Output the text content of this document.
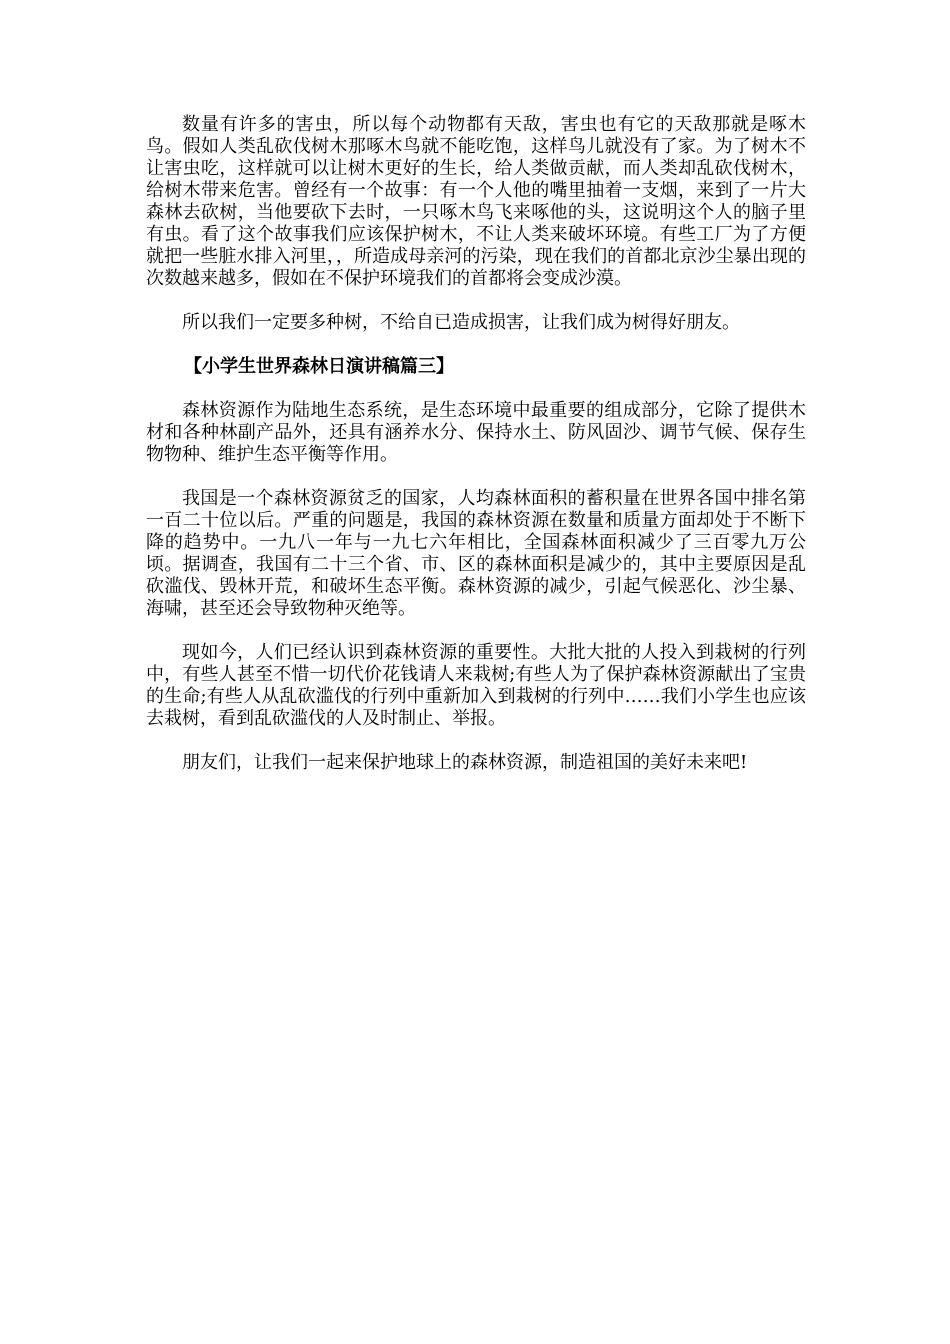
数量有许多的害虫，所以每个动物都有天敌，害虫也有它的天敌那就是啄木鸟。假如人类乱砍伐树木那啄木鸟就不能吃饱，这样鸟儿就没有了家。为了树木不让害虫吃，这样就可以让树木更好的生长，给人类做贡献，而人类却乱砍伐树木，给树木带来危害。曾经有一个故事：有一个人他的嘴里抽着一支烟，来到了一片大森林去砍树，当他要砍下去时，一只啄木鸟飞来啄他的头，这说明这个人的脑子里有虫。看了这个故事我们应该保护树木，不让人类来破坏环境。有些工厂为了方便就把一些脏水排入河里，，所造成母亲河的污染，现在我们的首都北京沙尘暴出现的次数越来越多，假如在不保护环境我们的首都将会变成沙漠。

所以我们一定要多种树，不给自已造成损害，让我们成为树得好朋友。

【小学生世界森林日演讲稿篇三】

森林资源作为陆地生态系统，是生态环境中最重要的组成部分，它除了提供木材和各种林副产品外，还具有涵养水分、保持水土、防风固沙、调节气候、保存生物物种、维护生态平衡等作用。

我国是一个森林资源贫乏的国家，人均森林面积的蓄积量在世界各国中排名第一百二十位以后。严重的问题是，我国的森林资源在数量和质量方面却处于不断下降的趋势中。一九八一年与一九七六年相比，全国森林面积减少了三百零九万公顷。据调查，我国有二十三个省、市、区的森林面积是减少的，其中主要原因是乱砍滥伐、毁林开荒，和破坏生态平衡。森林资源的减少，引起气候恶化、沙尘暴、海啸，甚至还会导致物种灭绝等。

现如今，人们已经认识到森林资源的重要性。大批大批的人投入到栽树的行列中，有些人甚至不惜一切代价花钱请人来栽树;有些人为了保护森林资源献出了宝贵的生命;有些人从乱砍滥伐的行列中重新加入到栽树的行列中……我们小学生也应该去栽树，看到乱砍滥伐的人及时制止、举报。

朋友们，让我们一起来保护地球上的森林资源，制造祖国的美好未来吧!
